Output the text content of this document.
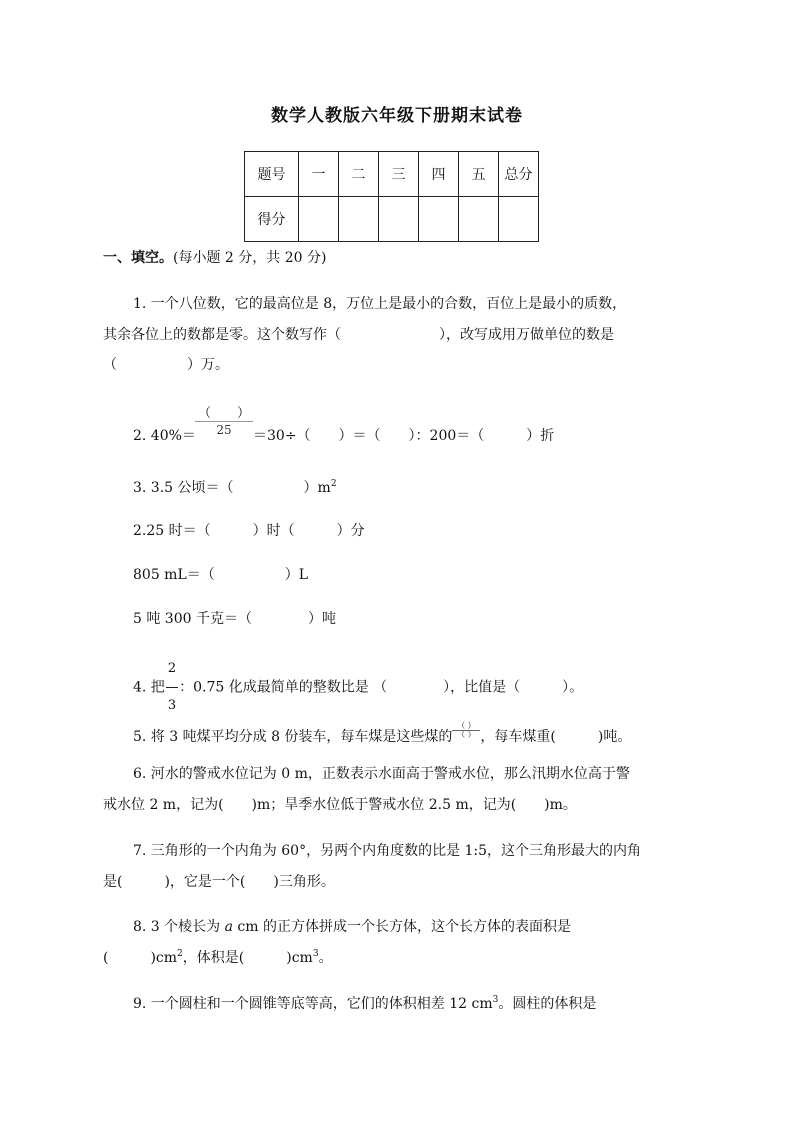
数学人教版六年级下册期末试卷
题号	一	二	三	四	五	总分
得分						
一、填空。(每小题 2 分，共 20 分)
1. 一个八位数，它的最高位是 8，万位上是最小的合数，百位上是最小的质数，
其余各位上的数都是零。这个数写作（　　　　　　　），改写成用万做单位的数是
（　　　　　）万。
（　　）
25
2. 40%＝	＝30÷（　　）＝（　　）：200＝（　　　）折
3. 3.5 公顷＝（　　　　　）$m^2$
2.25 时＝（　　　）时（　　　）分
805 mL＝（　　　　　）L
5 吨 300 千克＝（　　　　）吨
4. 把 $\frac{2}{3}$ ：0.75 化成最简单的整数比是 （　　　　），比值是（　　　）。
5. 将 3 吨煤平均分成 8 份装车，每车煤是这些煤的
（ ）
（ ） ，每车煤重(　　　)吨。
6. 河水的警戒水位记为 0 m，正数表示水面高于警戒水位，那么汛期水位高于警
戒水位 2 m，记为(　　)m；旱季水位低于警戒水位 2.5 m，记为(　　)m。
7. 三角形的一个内角为 60°，另两个内角度数的比是 1:5，这个三角形最大的内角
是(　　　)，它是一个(　　)三角形。
8. 3 个棱长为 a cm 的正方体拼成一个长方体，这个长方体的表面积是
(　　　)$cm^2$，体积是(　　　)$cm^3$。
9. 一个圆柱和一个圆锥等底等高，它们的体积相差 12 $cm^3$。圆柱的体积是
